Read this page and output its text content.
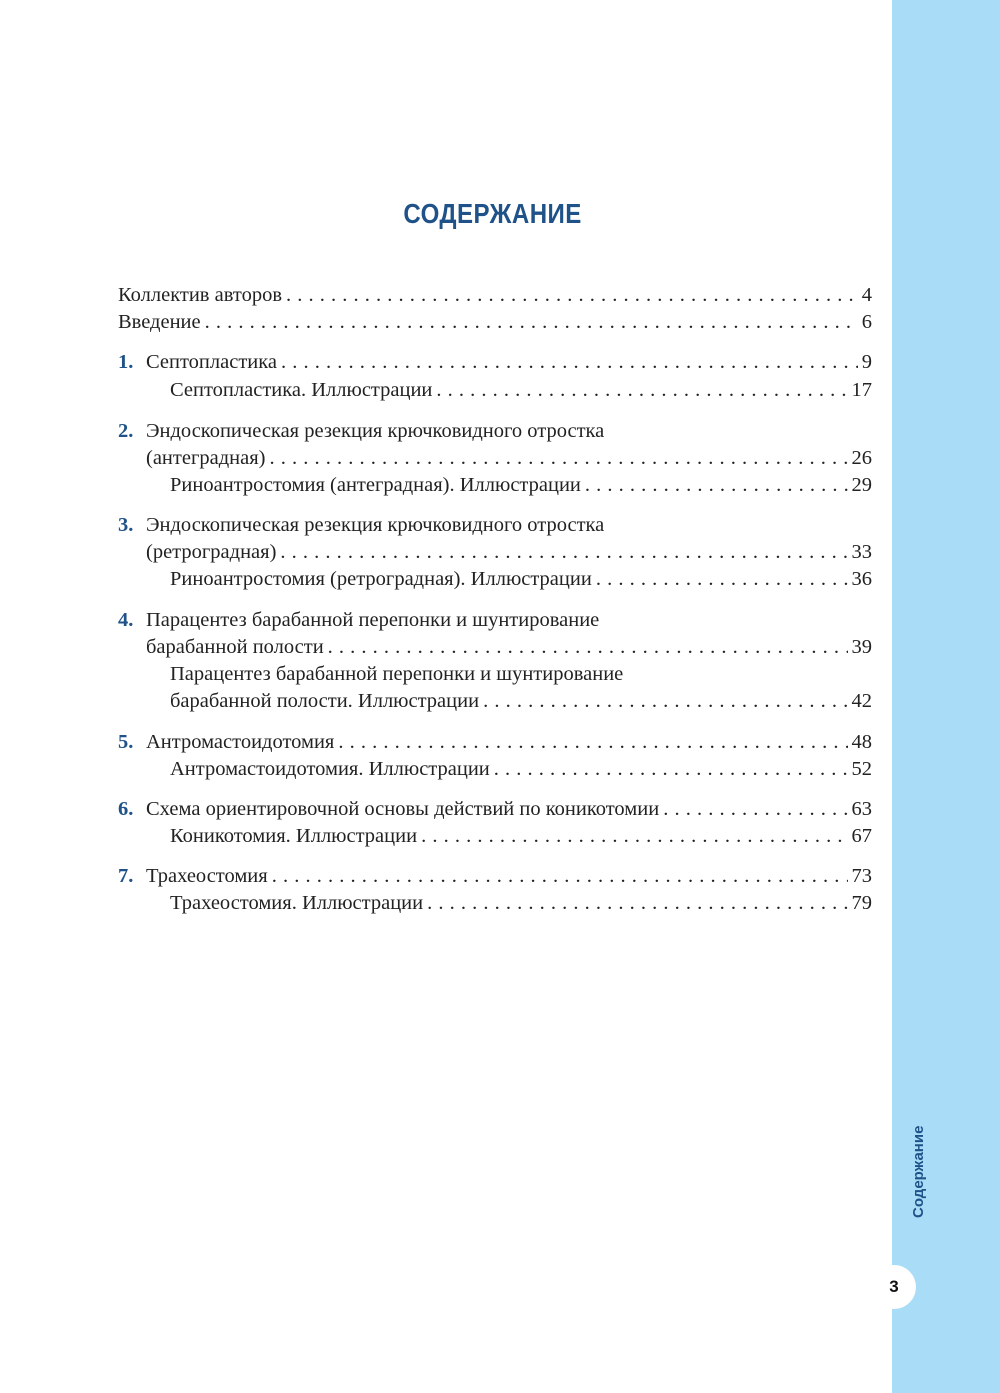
Содержание
3
СОДЕРЖАНИЕ
Коллектив авторов . . .	4
Введение . . .	6
1. Септопластика . . .	9
Септопластика. Иллюстрации . . .	17
2. Эндоскопическая резекция крючковидного отростка
(антеградная) . . .	26
Риноантростомия (антеградная). Иллюстрации . . .	29
3. Эндоскопическая резекция крючковидного отростка
(ретроградная) . . .	33
Риноантростомия (ретроградная). Иллюстрации . . .	36
4. Парацентез барабанной перепонки и шунтирование
барабанной полости . . .	39
Парацентез барабанной перепонки и шунтирование
барабанной полости. Иллюстрации . . .	42
5. Антромастоидотомия . . .	48
Антромастоидотомия. Иллюстрации . . .	52
6. Схема ориентировочной основы действий по коникотомии . . .	63
Коникотомия. Иллюстрации . . .	67
7. Трахеостомия . . .	73
Трахеостомия. Иллюстрации . . .	79
